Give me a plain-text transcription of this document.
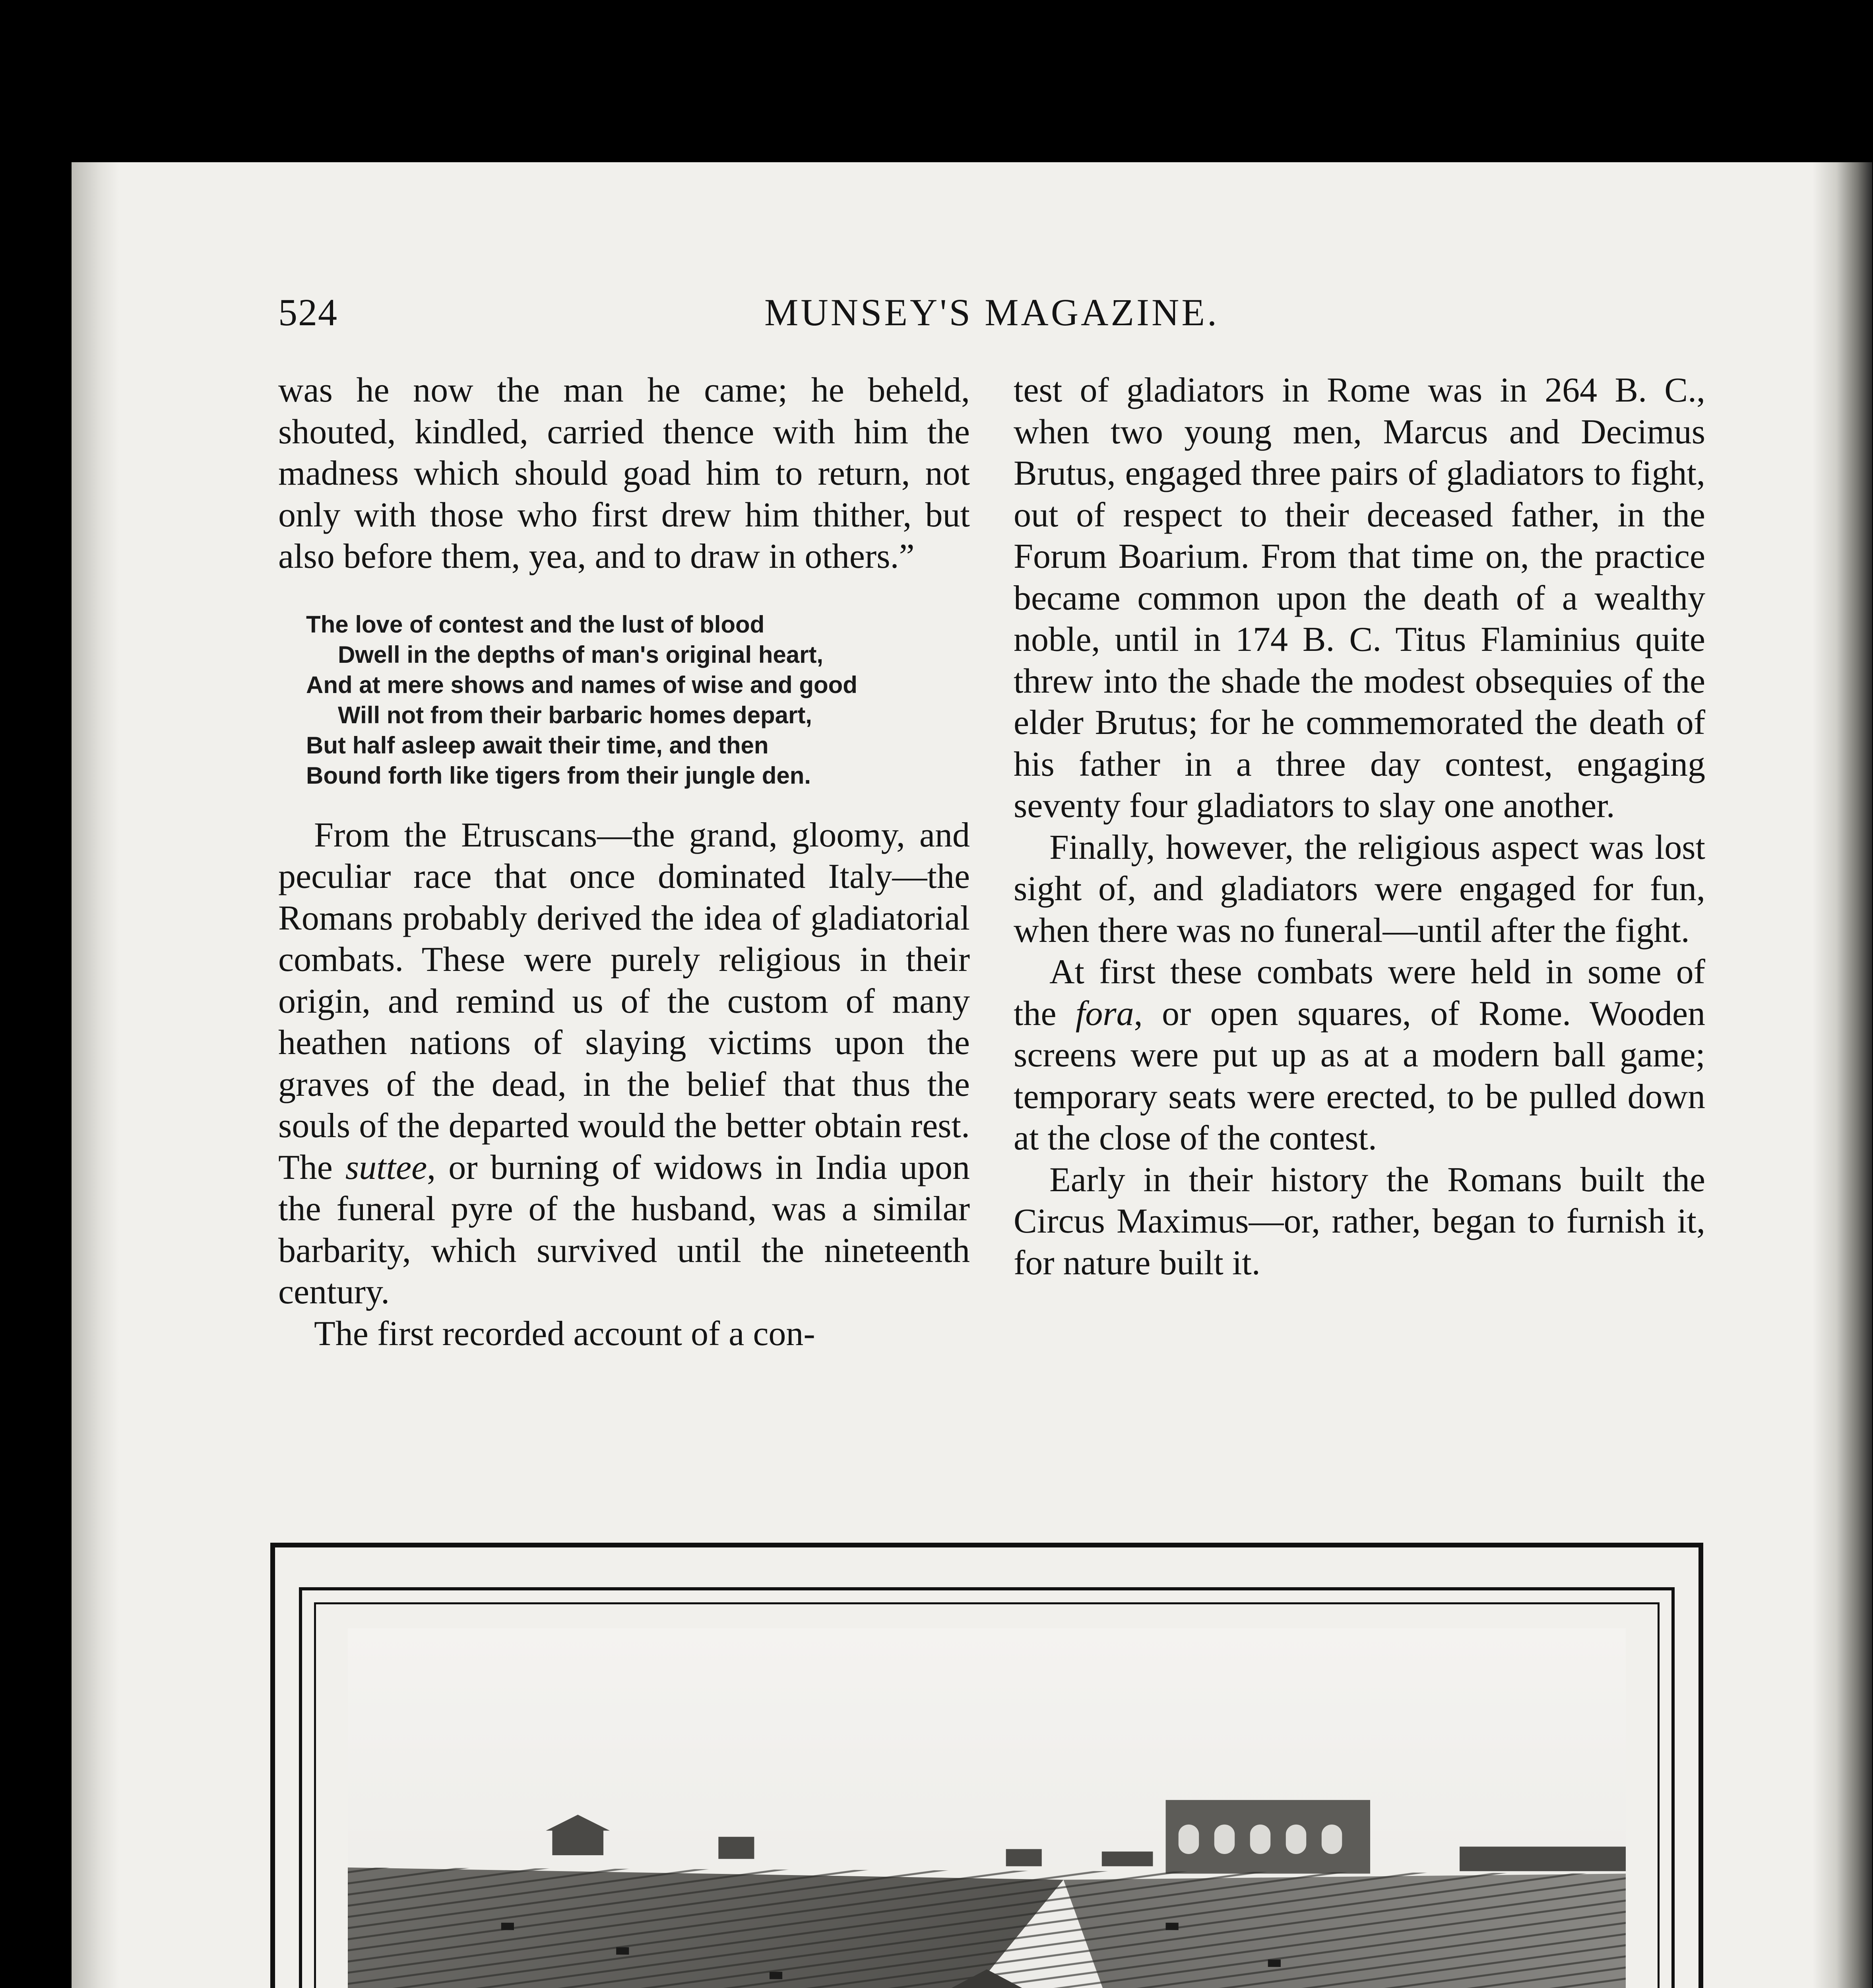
524	MUNSEY'S MAGAZINE.

was he now the man he came; he beheld, shouted, kindled, carried thence with him the madness which should goad him to return, not only with those who first drew him thither, but also before them, yea, and to draw in others.”

The love of contest and the lust of blood
Dwell in the depths of man's original heart,
And at mere shows and names of wise and good
Will not from their barbaric homes depart,
But half asleep await their time, and then
Bound forth like tigers from their jungle den.

From the Etruscans—the grand, gloomy, and peculiar race that once dominated Italy—the Romans probably derived the idea of gladiatorial combats. These were purely religious in their origin, and remind us of the custom of many heathen nations of slaying victims upon the graves of the dead, in the belief that thus the souls of the departed would the better obtain rest. The suttee, or burning of widows in India upon the funeral pyre of the husband, was a similar barbarity, which survived until the nineteenth century.

The first recorded account of a con-

test of gladiators in Rome was in 264 B. C., when two young men, Marcus and Decimus Brutus, engaged three pairs of gladiators to fight, out of respect to their deceased father, in the Forum Boarium. From that time on, the practice became common upon the death of a wealthy noble, until in 174 B. C. Titus Flaminius quite threw into the shade the modest obsequies of the elder Brutus; for he commemorated the death of his father in a three day contest, engaging seventy four gladiators to slay one another.

Finally, however, the religious aspect was lost sight of, and gladiators were engaged for fun, when there was no funeral—until after the fight.

At first these combats were held in some of the fora, or open squares, of Rome. Wooden screens were put up as at a modern ball game; temporary seats were erected, to be pulled down at the close of the contest.

Early in their history the Romans built the Circus Maximus—or, rather, began to furnish it, for nature built it.
